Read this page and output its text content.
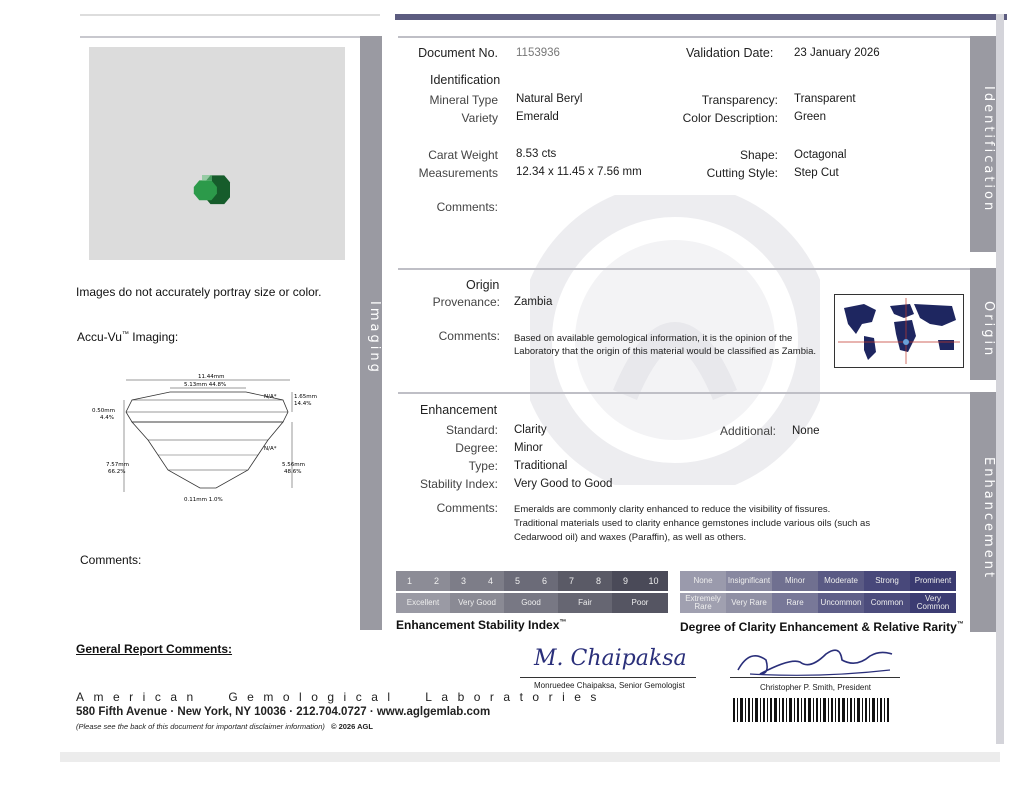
Imaging
Images do not accurately portray size or color.
Accu-Vu™ Imaging:
11.44mm
5.13mm 44.8%
1.65mm
14.4%
0.50mm
4.4%
N/A*
N/A*
7.57mm
66.2%
5.56mm
48.6%
0.11mm 1.0%
Comments:
General Report Comments:
Identification
Document No. 1153936	Validation Date: 23 January 2026
Identification
Mineral Type Natural Beryl
Variety Emerald
Transparency: Transparent
Color Description: Green
Carat Weight 8.53 cts
Measurements 12.34 x 11.45 x 7.56 mm
Shape: Octagonal
Cutting Style: Step Cut
Comments:
Origin
Origin
Provenance: Zambia
Comments: Based on available gemological information, it is the opinion of the Laboratory that the origin of this material would be classified as Zambia.
Enhancement
Enhancement
Standard: Clarity	Additional: None
Degree: Minor
Type: Traditional
Stability Index: Very Good to Good
Comments: Emeralds are commonly clarity enhanced to reduce the visibility of fissures. Traditional materials used to clarity enhance gemstones include various oils (such as Cedarwood oil) and waxes (Paraffin), as well as others.
1	2	3	4	5	6	7	8	9	10
Excellent	Very Good	Good	Fair	Poor
Enhancement Stability Index™
None	Insignificant	Minor	Moderate	Strong	Prominent
Extremely Rare	Very Rare	Rare	Uncommon	Common	Very Common
Degree of Clarity Enhancement & Relative Rarity™
M. Chaipaksa
Monruedee Chaipaksa, Senior Gemologist	Christopher P. Smith, President
American  Gemological  Laboratories
580 Fifth Avenue · New York, NY 10036 · 212.704.0727 · www.aglgemlab.com
(Please see the back of this document for important disclaimer information) © 2026 AGL
